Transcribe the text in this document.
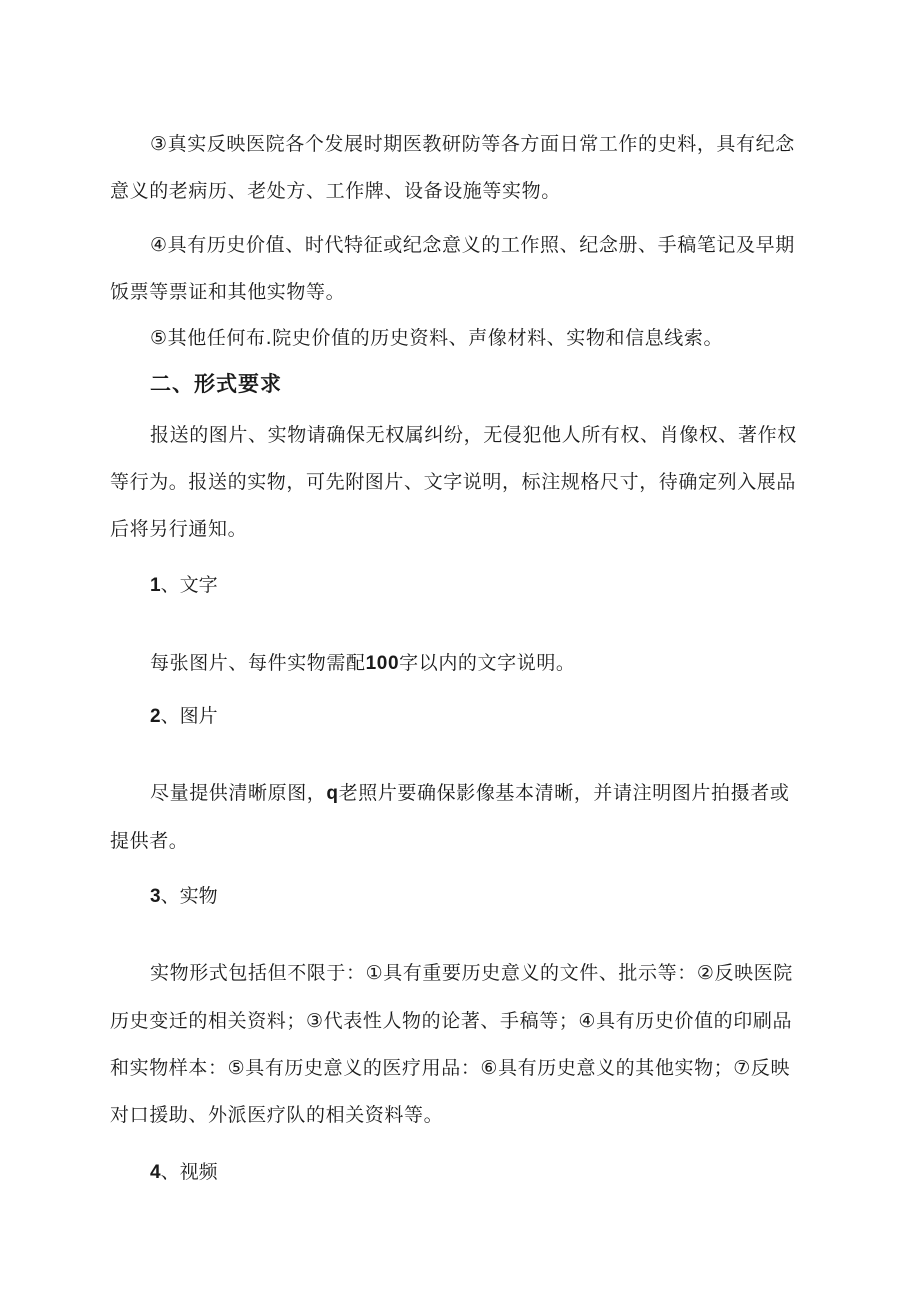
③真实反映医院各个发展时期医教研防等各方面日常工作的史料，具有纪念
意义的老病历、老处方、工作牌、设备设施等实物。
④具有历史价值、时代特征或纪念意义的工作照、纪念册、手稿笔记及早期
饭票等票证和其他实物等。
⑤其他任何布.院史价值的历史资料、声像材料、实物和信息线索。
二、形式要求
报送的图片、实物请确保无权属纠纷，无侵犯他人所有权、肖像权、著作权
等行为。报送的实物，可先附图片、文字说明，标注规格尺寸，待确定列入展品
后将另行通知。
1、文字
每张图片、每件实物需配100字以内的文字说明。
2、图片
尽量提供清晰原图，q老照片要确保影像基本清晰，并请注明图片拍摄者或
提供者。
3、实物
实物形式包括但不限于：①具有重要历史意义的文件、批示等：②反映医院
历史变迁的相关资料；③代表性人物的论著、手稿等；④具有历史价值的印刷品
和实物样本：⑤具有历史意义的医疗用品：⑥具有历史意义的其他实物；⑦反映
对口援助、外派医疗队的相关资料等。
4、视频
